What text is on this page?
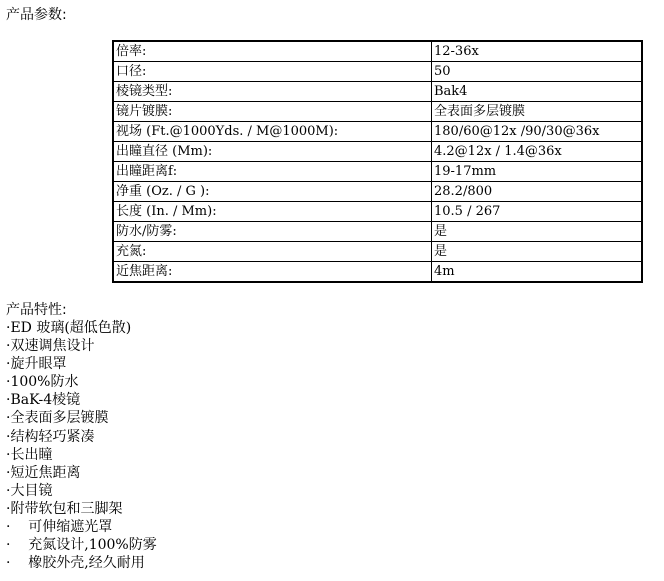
产品参数:
倍率:	12-36x
口径:	50
棱镜类型:	Bak4
镜片镀膜:	全表面多层镀膜
视场 (Ft.@1000Yds. / M@1000M):	180/60@12x /90/30@36x
出瞳直径 (Mm):	4.2@12x / 1.4@36x
出瞳距离f:	19-17mm
净重 (Oz. / G ):	28.2/800
长度 (In. / Mm):	10.5 / 267
防水/防雾:	是
充氮:	是
近焦距离:	4m
产品特性:
·ED 玻璃(超低色散)
·双速调焦设计
·旋升眼罩
·100%防水
·BaK-4棱镜
·全表面多层镀膜
·结构轻巧紧凑
·长出瞳
·短近焦距离
·大目镜
·附带软包和三脚架
·    可伸缩遮光罩
·    充氮设计,100%防雾
·    橡胶外壳,经久耐用
